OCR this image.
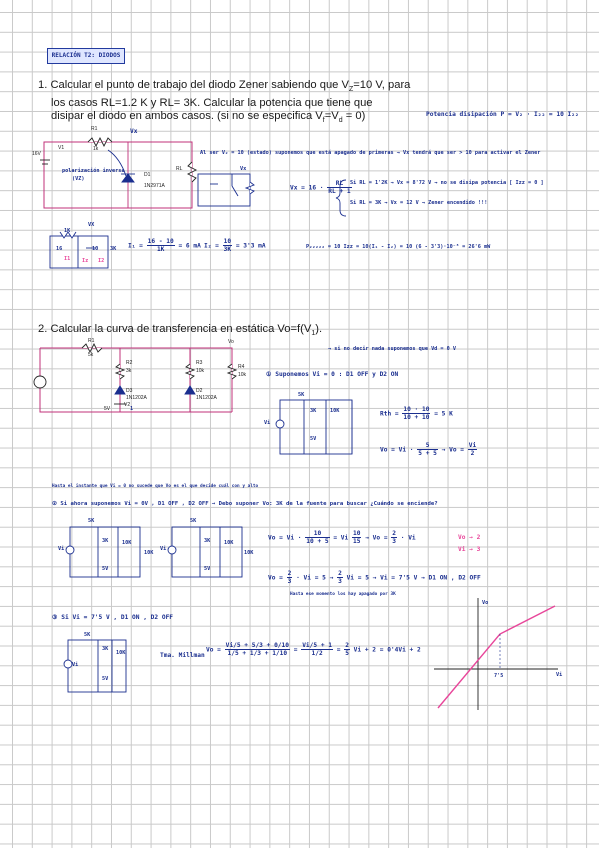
RELACIÓN T2: DIODOS
1. Calcular el punto de trabajo del diodo Zener sabiendo que $V_Z=10$ V, para
los casos RL=1.2 K y RL= 3K. Calcular la potencia que tiene que
disipar el diodo en ambos casos. (si no se especifica $V_f=V_d = 0$)	Potencia disipación P = V₂ · I₂₂ = 10 I₂₂
R1
1k
V1
16V
Vx
D1
1N2971A
RL
polarización inversa
(VZ)
Al ser V₂ = 10 (estado) suponemos que está apagado de primeras → Vx tendrá que ser > 10 para activar el Zener
Vx
$Vx = 16 \cdot \frac{RL}{RL + 1}$
Si RL = 1'2K → Vx = 8'72 V → no se disipa potencia [ Izz = 0 ]
Si RL = 3K → Vx = 12 V → Zener encendido !!!
VX
1K
16	10 3K
I1 Iz I2
$I_1 = \frac{16 - 10}{1K} = 6$ mA $I_2 = \frac{10}{3K} = 3'3$ mA	P₂₂₂₂₂ = 10 Izz = 10(I₁ - I₂) = 10 (6 - 3'3)·10⁻³ = 26'6 mW
2. Calcular la curva de transferencia en estática $Vo=f(V_1)$.
R1
5k
R2
3k
R3
10k
R4
10k
D3
1N1202A
D2
1N1202A
V2
5V
Vo
1
→ si no decir nada suponemos que Vd = 0 V
① Suponemos Vi = 0 : D1 OFF y D2 ON
5K
3K	10K
5V
Vi
Rth = $\frac{10 \cdot 10}{10 + 10} = 5$ K
$Vo = Vi \cdot \frac{5}{5 + 5} \to Vo = \frac{Vi}{2}$
Hasta el instante que Vi = 0 no sucede que Vo es el que decide cuál con y alto
② Si ahora suponemos Vi = 0V , D1 OFF , D2 OFF → Debo suponer Vo: 3K de la fuente para buscar ¿Cuándo se enciende?
5K
3K	10K
10K
5V
Vi
5K
3K	10K
10K
5V
Vi
$Vo = Vi \cdot \frac{10}{10 + 5} = Vi \frac{10}{15} \to Vo = \frac{2}{3} \cdot Vi$	Vo → 2
Vi → 3
$Vo = \frac{2}{3} \cdot Vi = 5 \to \frac{2}{3}$ Vi = 5 → Vi = 7'5 V → D1 ON , D2 OFF
Hasta ese momento los hay apagado por 3K
③ Si Vi = 7'5 V , D1 ON , D2 OFF
5K
3K
10K
5V
Vi
Tma. Millman
$Vo = \frac{Vi/5 + 5/3 + 0/10}{1/5 + 1/3 + 1/10} = \frac{Vi/5 + 1}{1/2} = \frac{2}{5}$ Vi + 2 = 0'4Vi + 2
Vo
Vi
7'5
